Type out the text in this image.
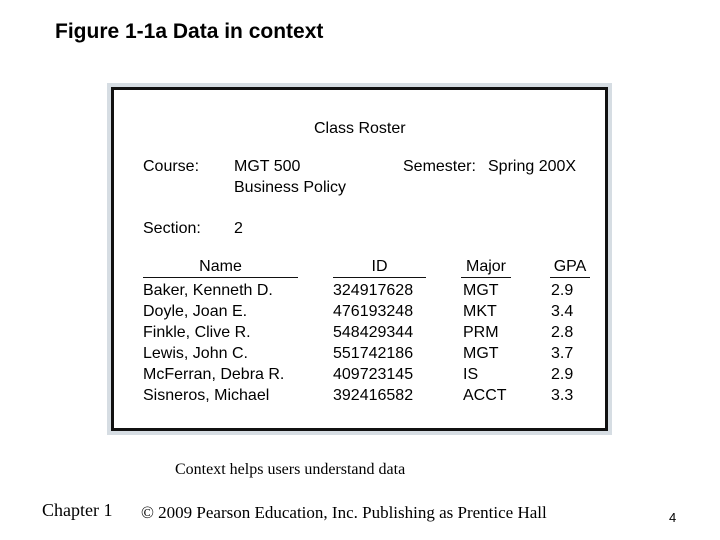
Figure 1-1a Data in context
Class Roster
Course: MGT 500
Business Policy
Semester: Spring 200X
Section: 2
Name	ID	Major	GPA
Baker, Kenneth D.	324917628	MGT	2.9
Doyle, Joan E.	476193248	MKT	3.4
Finkle, Clive R.	548429344	PRM	2.8
Lewis, John C.	551742186	MGT	3.7
McFerran, Debra R.	409723145	IS	2.9
Sisneros, Michael	392416582	ACCT	3.3
Context helps users understand data
Chapter 1 © 2009 Pearson Education, Inc. Publishing as Prentice Hall	4
